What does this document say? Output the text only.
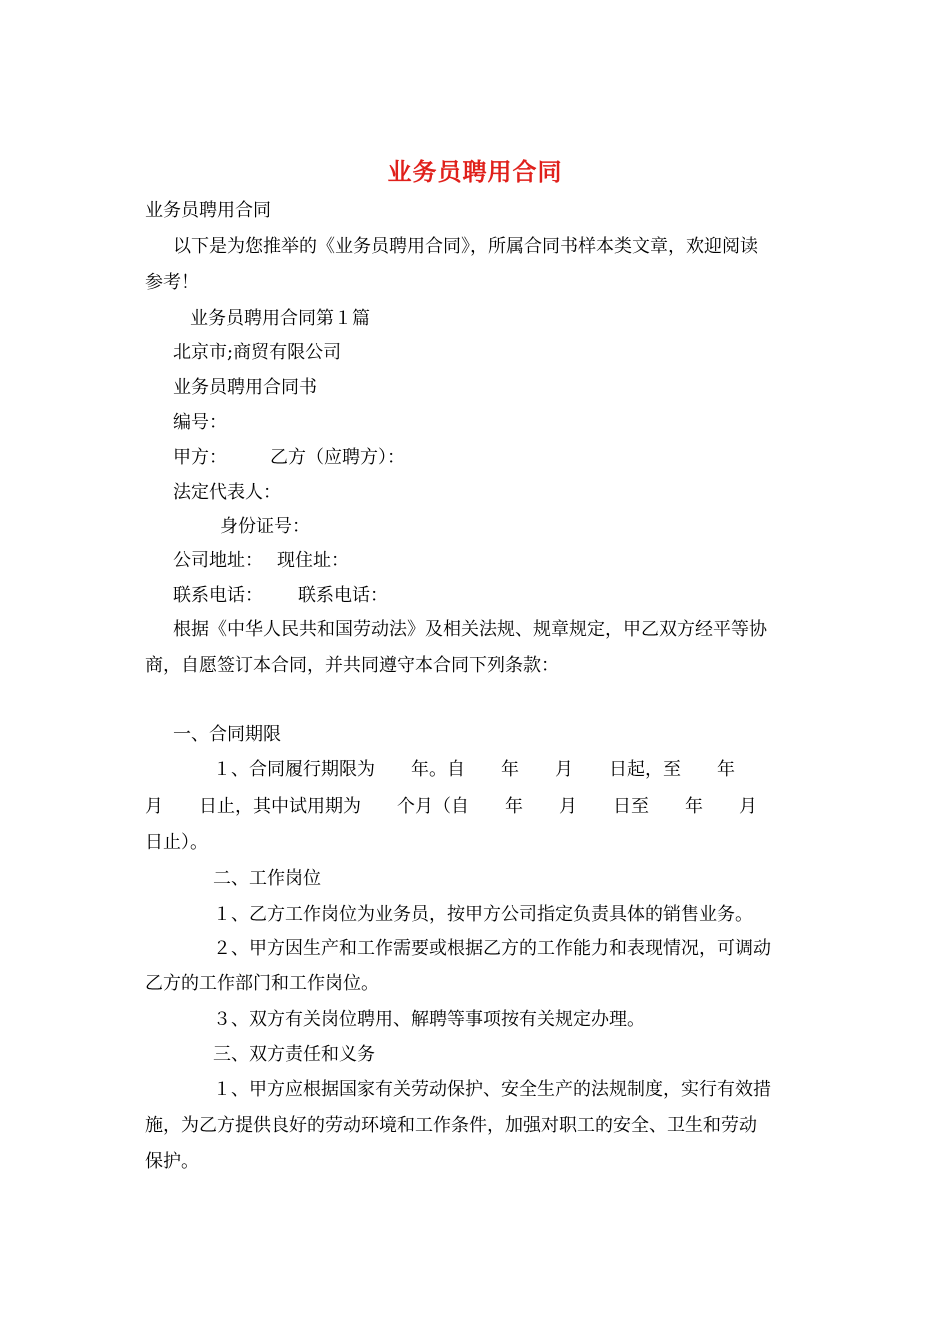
业务员聘用合同
业务员聘用合同
以下是为您推举的《业务员聘用合同》，所属合同书样本类文章，欢迎阅读
参考！
业务员聘用合同第１篇
北京市;商贸有限公司
业务员聘用合同书
编号：
甲方： 乙方（应聘方）：
法定代表人：
身份证号：
公司地址： 现住址：
联系电话： 联系电话：
根据《中华人民共和国劳动法》及相关法规、规章规定，甲乙双方经平等协
商，自愿签订本合同，并共同遵守本合同下列条款：
一、合同期限
１、合同履行期限为　　年。自　　年　　月　　日起，至　　年
月　　日止，其中试用期为　　个月（自　　年　　月　　日至　　年　　月
日止）。
二、工作岗位
１、乙方工作岗位为业务员，按甲方公司指定负责具体的销售业务。
２、甲方因生产和工作需要或根据乙方的工作能力和表现情况，可调动
乙方的工作部门和工作岗位。
３、双方有关岗位聘用、解聘等事项按有关规定办理。
三、双方责任和义务
１、甲方应根据国家有关劳动保护、安全生产的法规制度，实行有效措
施，为乙方提供良好的劳动环境和工作条件，加强对职工的安全、卫生和劳动
保护。
